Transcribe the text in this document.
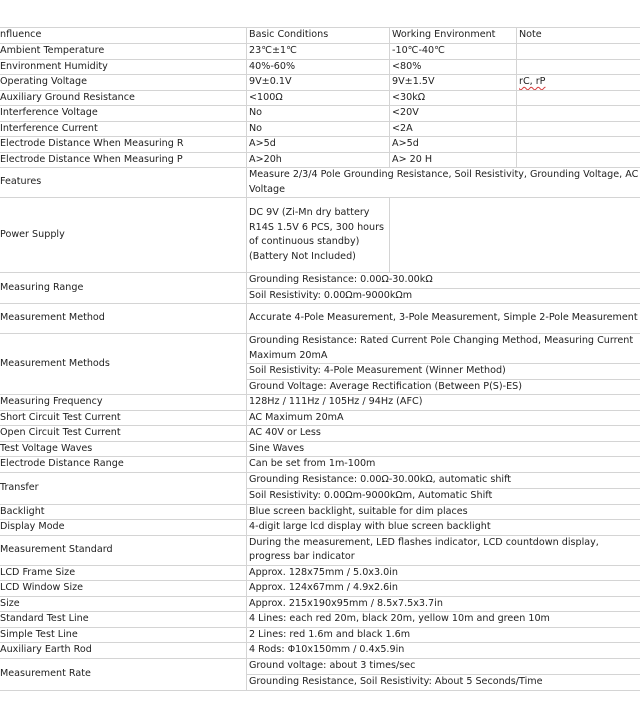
nfluence	Basic Conditions	Working Environment	Note
Ambient Temperature	23℃±1℃	-10℃-40℃	
Environment Humidity	40%-60%	<80%	
Operating Voltage	9V±0.1V	9V±1.5V	rC, rP
Auxiliary Ground Resistance	<100Ω	<30kΩ	
Interference Voltage	No	<20V	
Interference Current	No	<2A	
Electrode Distance When Measuring R	A>5d	A>5d	
Electrode Distance When Measuring P	A>20h	A> 20 H	
Features	Measure 2/3/4 Pole Grounding Resistance, Soil Resistivity, Grounding Voltage, AC Voltage		
Power Supply	DC 9V (Zi-Mn dry battery R14S 1.5V 6 PCS, 300 hours of continuous standby) (Battery Not Included)		
Measuring Range	Grounding Resistance: 0.00Ω-30.00kΩ		
	Soil Resistivity: 0.00Ωm-9000kΩm		
Measurement Method	Accurate 4-Pole Measurement, 3-Pole Measurement, Simple 2-Pole Measurement		
Measurement Methods	Grounding Resistance: Rated Current Pole Changing Method, Measuring Current Maximum 20mA		
	Soil Resistivity: 4-Pole Measurement (Winner Method)		
	Ground Voltage: Average Rectification (Between P(S)-ES)		
Measuring Frequency	128Hz / 111Hz / 105Hz / 94Hz (AFC)		
Short Circuit Test Current	AC Maximum 20mA		
Open Circuit Test Current	AC 40V or Less		
Test Voltage Waves	Sine Waves		
Electrode Distance Range	Can be set from 1m-100m		
Transfer	Grounding Resistance: 0.00Ω-30.00kΩ, automatic shift		
	Soil Resistivity: 0.00Ωm-9000kΩm, Automatic Shift		
Backlight	Blue screen backlight, suitable for dim places		
Display Mode	4-digit large lcd display with blue screen backlight		
Measurement Standard	During the measurement, LED flashes indicator, LCD countdown display, progress bar indicator		
LCD Frame Size	Approx. 128x75mm / 5.0x3.0in		
LCD Window Size	Approx. 124x67mm / 4.9x2.6in		
Size	Approx. 215x190x95mm / 8.5x7.5x3.7in		
Standard Test Line	4 Lines: each red 20m, black 20m, yellow 10m and green 10m		
Simple Test Line	2 Lines: red 1.6m and black 1.6m		
Auxiliary Earth Rod	4 Rods: Φ10x150mm / 0.4x5.9in		
Measurement Rate	Ground voltage: about 3 times/sec		
	Grounding Resistance, Soil Resistivity: About 5 Seconds/Time		
